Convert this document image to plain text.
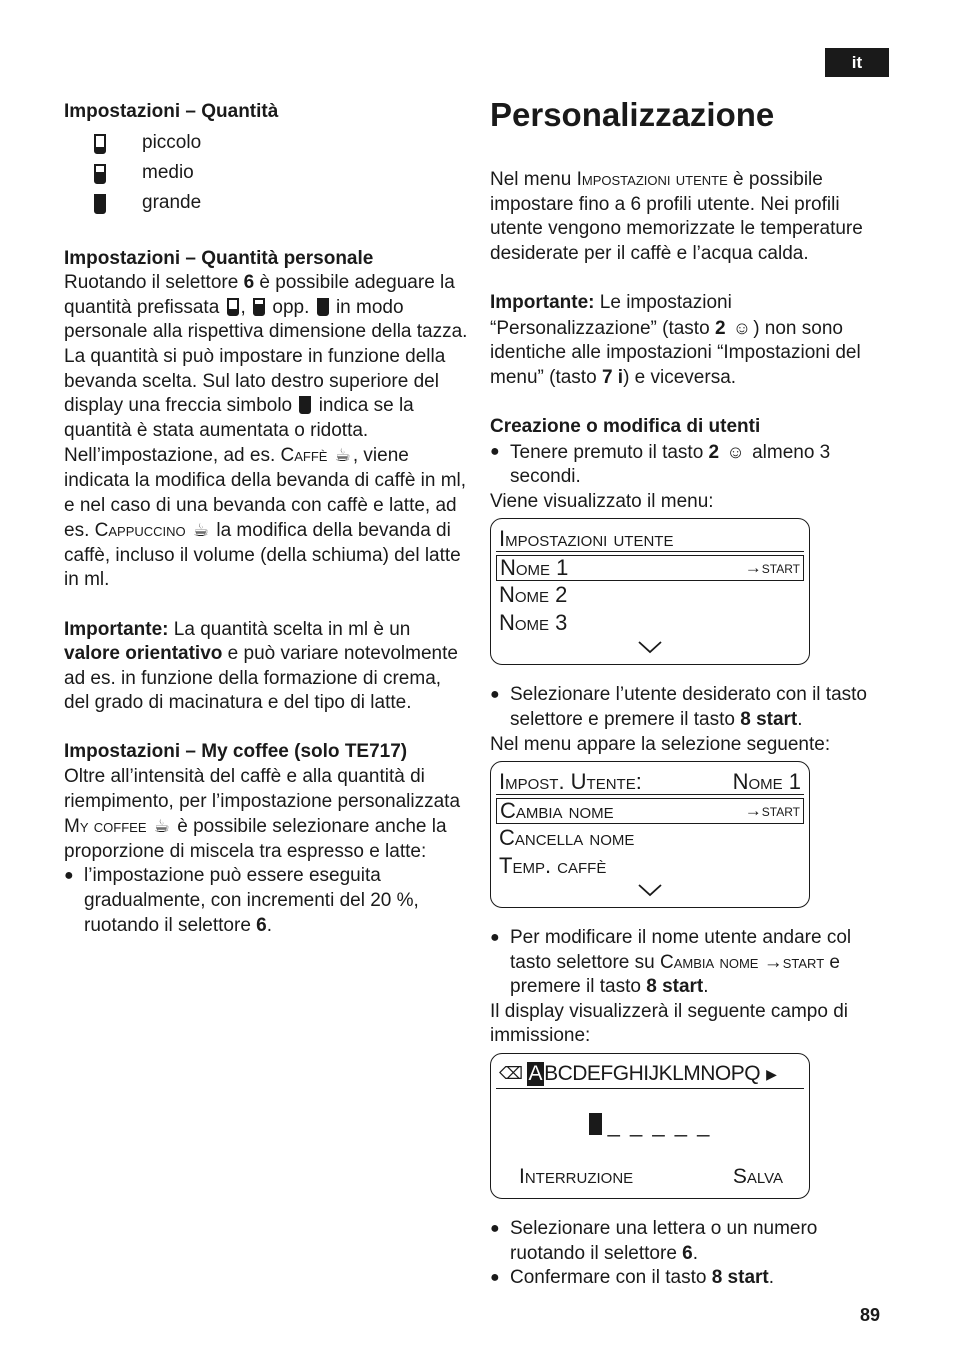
it

Impostazioni – Quantità

piccolo
medio
grande

Impostazioni – Quantità personale

Ruotando il selettore 6 è possibile adeguare la quantità prefissata , opp. in modo personale alla rispettiva dimensione della tazza. La quantità si può impostare in funzione della bevanda scelta. Sul lato destro superiore del display una freccia simbolo indica se la quantità è stata aumentata o ridotta. Nell’impostazione, ad es. Caffè ☕ , viene indicata la modifica della bevanda di caffè in ml, e nel caso di una bevanda con caffè e latte, ad es. Cappuccino ☕ la modifica della bevanda di caffè, incluso il volume (della schiuma) del latte in ml.

Importante: La quantità scelta in ml è un valore orientativo e può variare notevolmente ad es. in funzione della formazione di crema, del grado di macinatura e del tipo di latte.

Impostazioni – My coffee (solo TE717)

Oltre all’intensità del caffè e alla quantità di riempimento, per l’impostazione personalizzata My coffee ☕ è possibile selezionare anche la proporzione di miscela tra espresso e latte:

● l’impostazione può essere eseguita gradualmente, con incrementi del 20 %, ruotando il selettore 6.
Personalizzazione

Nel menu Impostazioni utente è possibile impostare fino a 6 profili utente. Nei profili utente vengono memorizzate le temperature desiderate per il caffè e l’acqua calda.

Importante: Le impostazioni “Personalizzazione” (tasto 2 ☺ ) non sono identiche alle impostazioni “Impostazioni del menu” (tasto 7 i) e viceversa.

Creazione o modifica di utenti

● Tenere premuto il tasto 2 ☺ almeno 3 secondi.

Viene visualizzato il menu:

Impostazioni utente
Nome 1	→start
Nome 2
Nome 3
● Selezionare l’utente desiderato con il tasto selettore e premere il tasto 8 start.

Nel menu appare la selezione seguente:

Impost. Utente:	Nome 1
Cambia nome	→start
Cancella nome
Temp. caffè
● Per modificare il nome utente andare col tasto selettore su Cambia nome →start e premere il tasto 8 start.

Il display visualizzerà il seguente campo di immissione:

⌫ A BCDEFGHIJKLMNOPQ ▶
_ _ _ _ _
Interruzione	Salva
● Selezionare una lettera o un numero ruotando il selettore 6.
● Confermare con il tasto 8 start.
89
